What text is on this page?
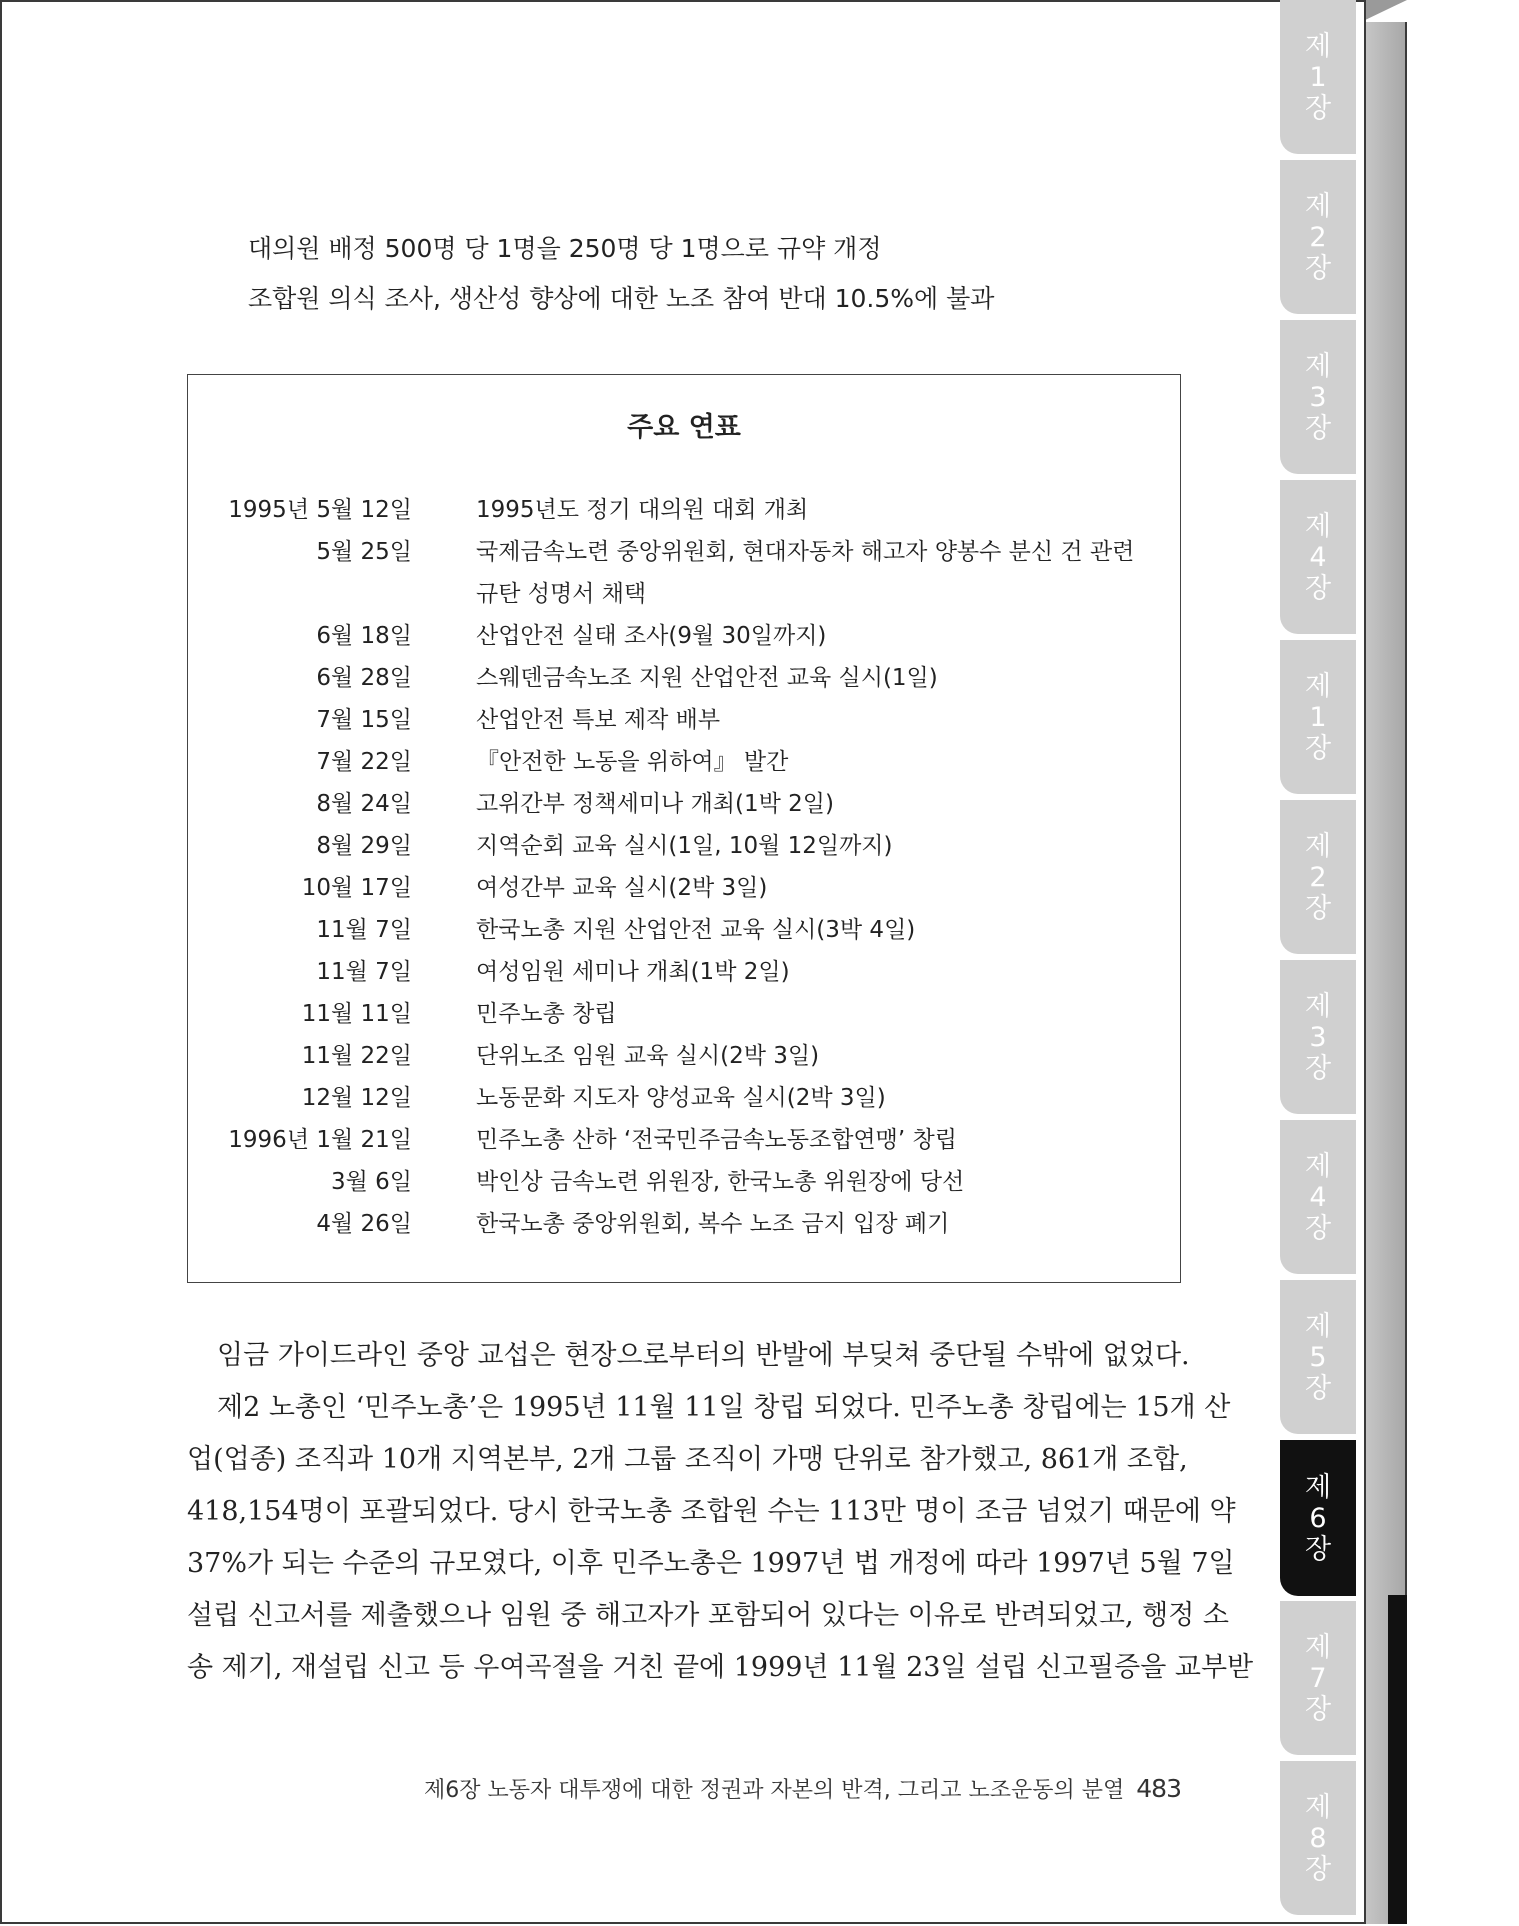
제
1
장
제
2
장
제
3
장
제
4
장
제
1
장
제
2
장
제
3
장
제
4
장
제
5
장
제
6
장
제
7
장
제
8
장
대의원 배정 500명 당 1명을 250명 당 1명으로 규약 개정
조합원 의식 조사, 생산성 향상에 대한 노조 참여 반대 10.5%에 불과
주요 연표
1995년 5월 12일	1995년도 정기 대의원 대회 개최
5월 25일	국제금속노련 중앙위원회, 현대자동차 해고자 양봉수 분신 건 관련 규탄 성명서 채택
6월 18일	산업안전 실태 조사(9월 30일까지)
6월 28일	스웨덴금속노조 지원 산업안전 교육 실시(1일)
7월 15일	산업안전 특보 제작 배부
7월 22일	『안전한 노동을 위하여』 발간
8월 24일	고위간부 정책세미나 개최(1박 2일)
8월 29일	지역순회 교육 실시(1일, 10월 12일까지)
10월 17일	여성간부 교육 실시(2박 3일)
11월 7일	한국노총 지원 산업안전 교육 실시(3박 4일)
11월 7일	여성임원 세미나 개최(1박 2일)
11월 11일	민주노총 창립
11월 22일	단위노조 임원 교육 실시(2박 3일)
12월 12일	노동문화 지도자 양성교육 실시(2박 3일)
1996년 1월 21일	민주노총 산하 ‘전국민주금속노동조합연맹’ 창립
3월 6일	박인상 금속노련 위원장, 한국노총 위원장에 당선
4월 26일	한국노총 중앙위원회, 복수 노조 금지 입장 폐기
임금 가이드라인 중앙 교섭은 현장으로부터의 반발에 부딪쳐 중단될 수밖에 없었다.
제2 노총인 ‘민주노총’은 1995년 11월 11일 창립 되었다. 민주노총 창립에는 15개 산
업(업종) 조직과 10개 지역본부, 2개 그룹 조직이 가맹 단위로 참가했고, 861개 조합,
418,154명이 포괄되었다. 당시 한국노총 조합원 수는 113만 명이 조금 넘었기 때문에 약
37%가 되는 수준의 규모였다, 이후 민주노총은 1997년 법 개정에 따라 1997년 5월 7일
설립 신고서를 제출했으나 임원 중 해고자가 포함되어 있다는 이유로 반려되었고, 행정 소
송 제기, 재설립 신고 등 우여곡절을 거친 끝에 1999년 11월 23일 설립 신고필증을 교부받
제6장 노동자 대투쟁에 대한 정권과 자본의 반격, 그리고 노조운동의 분열 483
